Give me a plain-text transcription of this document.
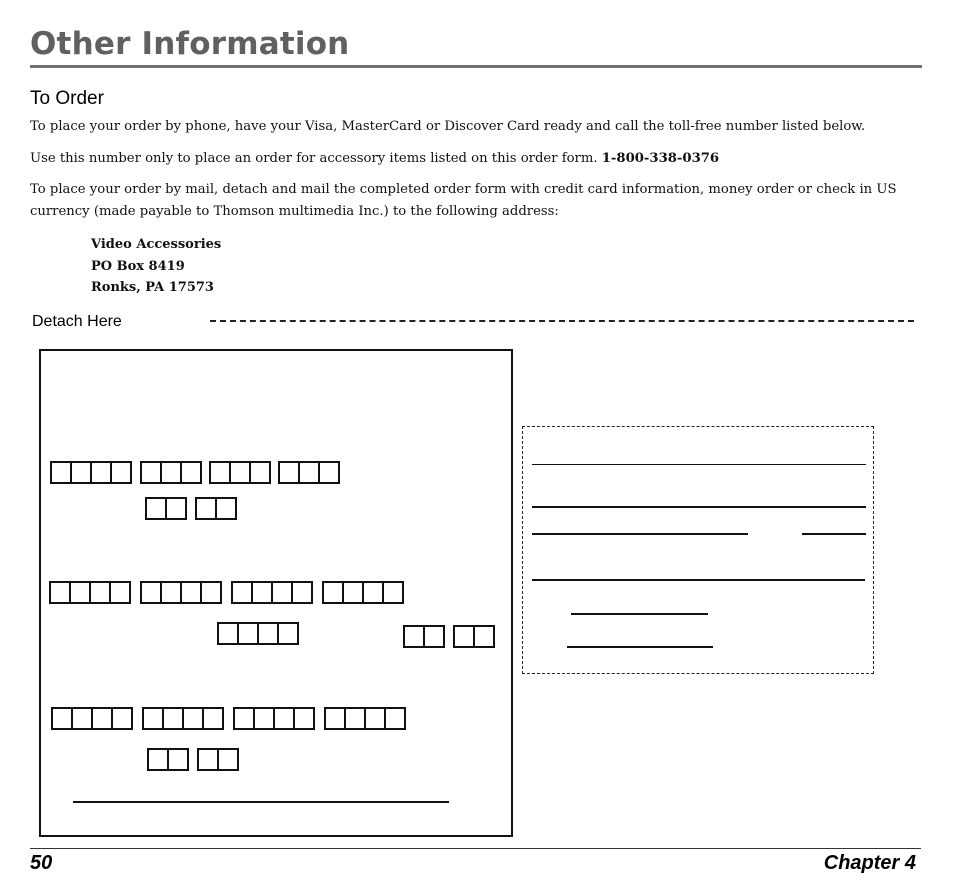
Other Information
To Order
To place your order by phone, have your Visa, MasterCard or Discover Card ready and call the toll-free number listed below.
Use this number only to place an order for accessory items listed on this order form. 1-800-338-0376
To place your order by mail, detach and mail the completed order form with credit card information, money order or check in US currency (made payable to Thomson multimedia Inc.) to the following address:
Video Accessories
PO Box 8419
Ronks, PA 17573
Detach Here
50	Chapter 4
